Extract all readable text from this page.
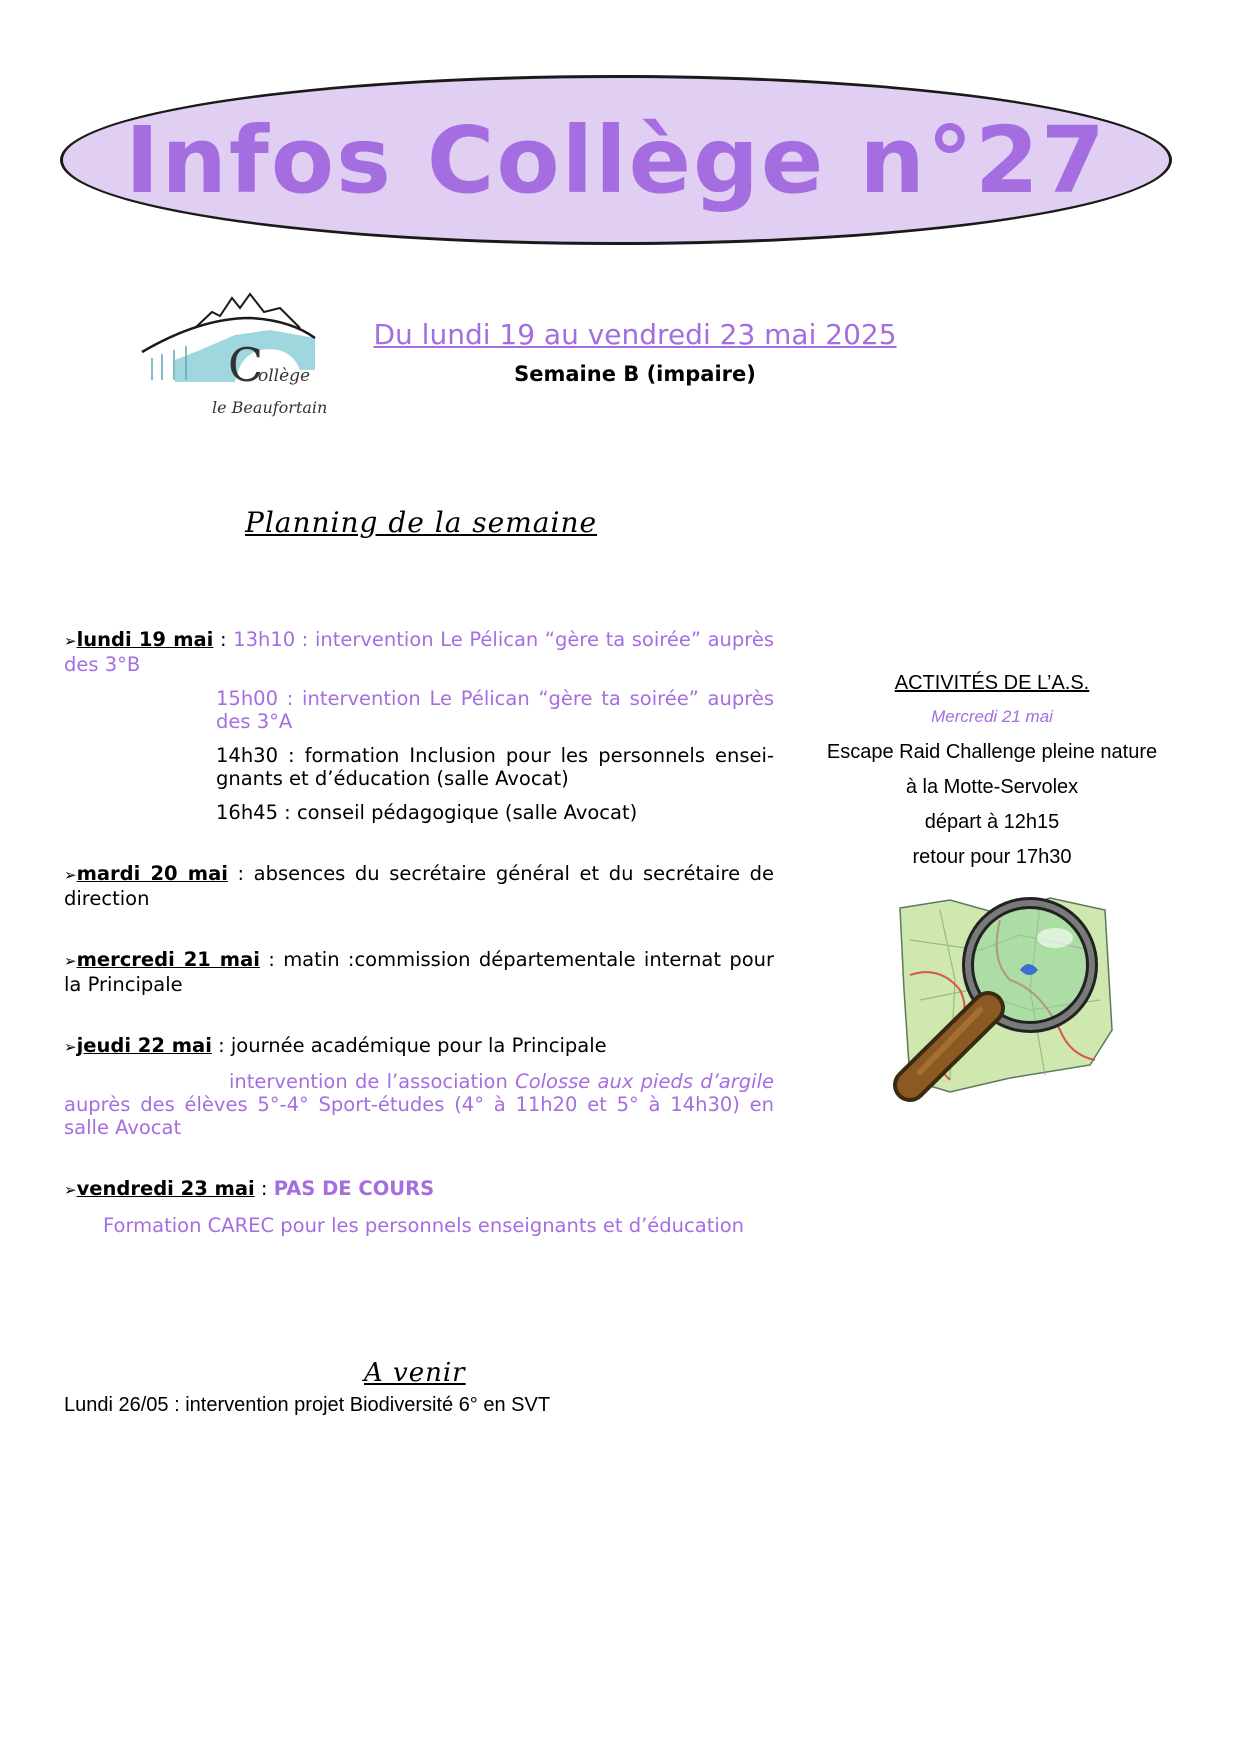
Infos Collège n°27
C
ollège
le Beaufortain
Du lundi 19 au vendredi 23 mai 2025
Semaine B (impaire)
Planning de la semaine
➢lundi 19 mai : 13h10 : intervention Le Pélican “gère ta soirée” auprès des 3°B
15h00 : intervention Le Pélican “gère ta soirée” auprès des 3°A
14h30 : formation Inclusion pour les personnels ensei-gnants et d’éducation (salle Avocat)
16h45 : conseil pédagogique (salle Avocat)
➢mardi 20 mai : absences du secrétaire général et du secrétaire de direction
➢mercredi 21 mai : matin :commission départementale internat pour la Principale
➢jeudi 22 mai : journée académique pour la Principale
intervention de l’association Colosse aux pieds d’argile auprès des élèves 5°-4° Sport-études (4° à 11h20 et 5° à 14h30) en salle Avocat
➢vendredi 23 mai : PAS DE COURS
Formation CAREC pour les personnels enseignants et d’éducation
A venir
Lundi 26/05 : intervention projet Biodiversité 6° en SVT
ACTIVITÉS DE L’A.S.
Mercredi 21 mai
Escape Raid Challenge pleine nature
à la Motte-Servolex
départ à 12h15
retour pour 17h30
